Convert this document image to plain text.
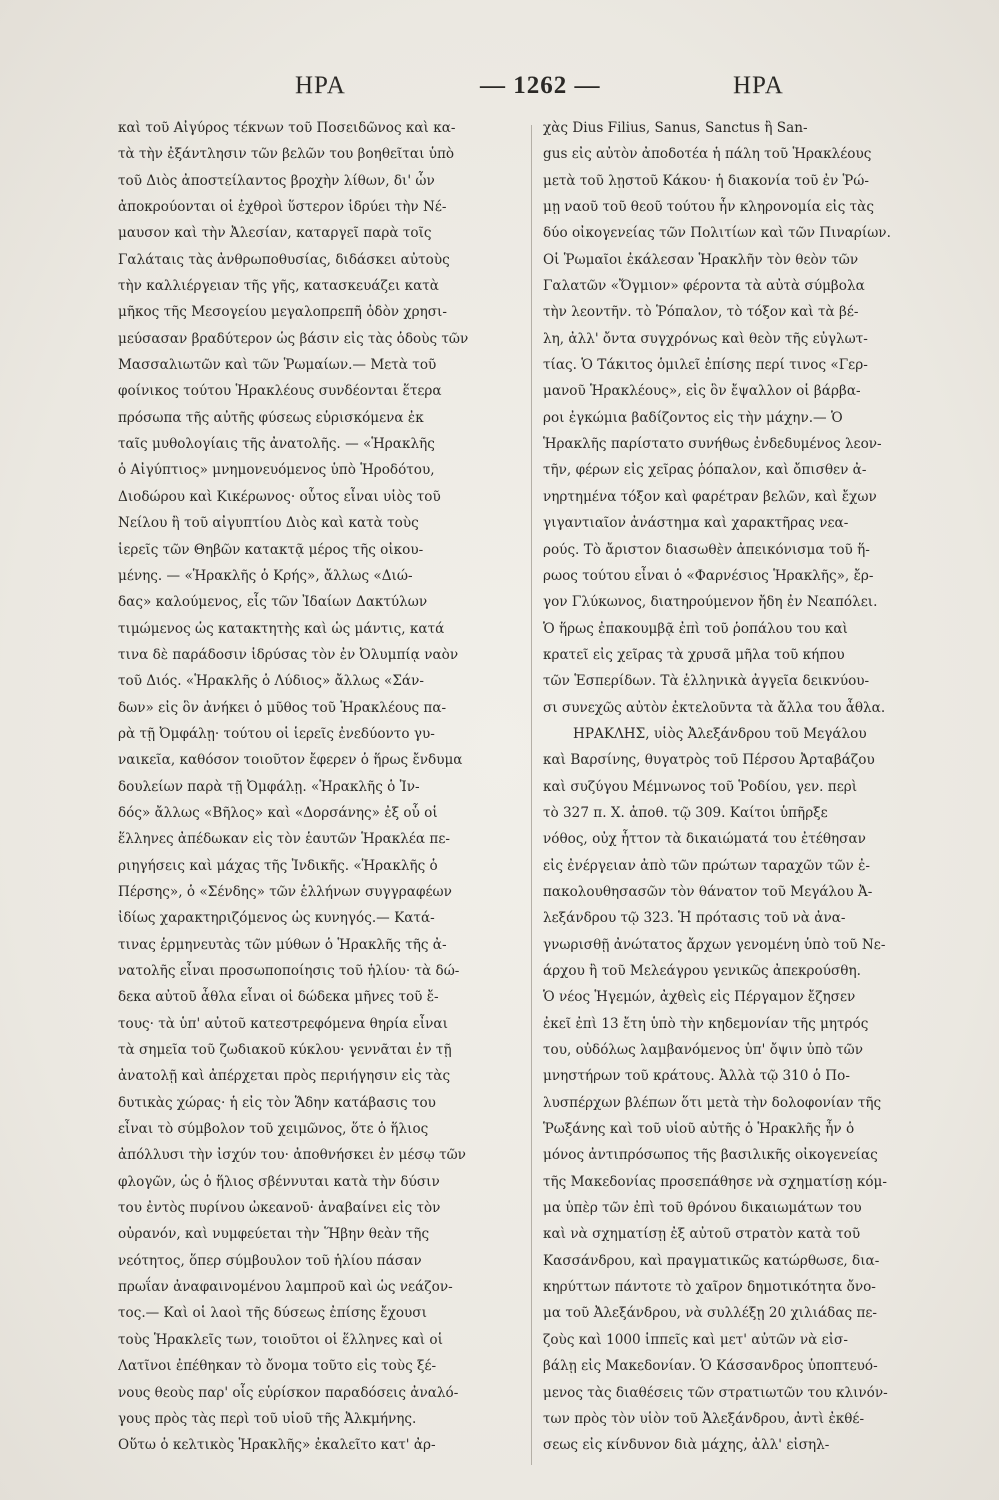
ΗΡΑ	— 1262 —	ΗΡΑ
καὶ τοῦ Αἰγύρος τέκνων τοῦ Ποσειδῶνος καὶ κα-
τὰ τὴν ἐξάντλησιν τῶν βελῶν του βοηθεῖται ὑπὸ
τοῦ Διὸς ἀποστείλαντος βροχὴν λίθων, δι' ὧν
ἀποκρούονται οἱ ἐχθροὶ ὕστερον ἱδρύει τὴν Νέ-
μαυσον καὶ τὴν Ἀλεσίαν, καταργεῖ παρὰ τοῖς
Γαλάταις τὰς ἀνθρωποθυσίας, διδάσκει αὐτοὺς
τὴν καλλιέργειαν τῆς γῆς, κατασκευάζει κατὰ
μῆκος τῆς Μεσογείου μεγαλοπρεπῆ ὁδὸν χρησι-
μεύσασαν βραδύτερον ὡς βάσιν εἰς τὰς ὁδοὺς τῶν
Μασσαλιωτῶν καὶ τῶν Ῥωμαίων.— Μετὰ τοῦ
φοίνικος τούτου Ἡρακλέους συνδέονται ἕτερα
πρόσωπα τῆς αὐτῆς φύσεως εὑρισκόμενα ἐκ
ταῖς μυθολογίαις τῆς ἀνατολῆς. — «Ἡρακλῆς
ὁ Αἰγύπτιος» μνημονευόμενος ὑπὸ Ἡροδότου,
Διοδώρου καὶ Κικέρωνος· οὗτος εἶναι υἱὸς τοῦ
Νείλου ἢ τοῦ αἰγυπτίου Διὸς καὶ κατὰ τοὺς
ἱερεῖς τῶν Θηβῶν κατακτᾷ μέρος τῆς οἰκου-
μένης. — «Ἡρακλῆς ὁ Κρής», ἄλλως «Διώ-
δας» καλούμενος, εἷς τῶν Ἰδαίων Δακτύλων
τιμώμενος ὡς κατακτητὴς καὶ ὡς μάντις, κατά
τινα δὲ παράδοσιν ἱδρύσας τὸν ἐν Ὀλυμπίᾳ ναὸν
τοῦ Διός. «Ἡρακλῆς ὁ Λύδιος» ἄλλως «Σάν-
δων» εἰς ὃν ἀνήκει ὁ μῦθος τοῦ Ἡρακλέους πα-
ρὰ τῇ Ὀμφάλῃ· τούτου οἱ ἱερεῖς ἐνεδύοντο γυ-
ναικεῖα, καθόσον τοιοῦτον ἔφερεν ὁ ἥρως ἔνδυμα
δουλείων παρὰ τῇ Ὀμφάλῃ. «Ἡρακλῆς ὁ Ἰν-
δός» ἄλλως «Βῆλος» καὶ «Δορσάνης» ἐξ οὗ οἱ
ἕλληνες ἀπέδωκαν εἰς τὸν ἑαυτῶν Ἡρακλέα πε-
ριηγήσεις καὶ μάχας τῆς Ἰνδικῆς. «Ἡρακλῆς ὁ
Πέρσης», ὁ «Σένδης» τῶν ἑλλήνων συγγραφέων
ἰδίως χαρακτηριζόμενος ὡς κυνηγός.— Κατά-
τινας ἑρμηνευτὰς τῶν μύθων ὁ Ἡρακλῆς τῆς ἀ-
νατολῆς εἶναι προσωποποίησις τοῦ ἡλίου· τὰ δώ-
δεκα αὐτοῦ ἆθλα εἶναι οἱ δώδεκα μῆνες τοῦ ἔ-
τους· τὰ ὑπ' αὐτοῦ κατεστρεφόμενα θηρία εἶναι
τὰ σημεῖα τοῦ ζωδιακοῦ κύκλου· γεννᾶται ἐν τῇ
ἀνατολῇ καὶ ἀπέρχεται πρὸς περιήγησιν εἰς τὰς
δυτικὰς χώρας· ἡ εἰς τὸν Ἅδην κατάβασις του
εἶναι τὸ σύμβολον τοῦ χειμῶνος, ὅτε ὁ ἥλιος
ἀπόλλυσι τὴν ἰσχύν του· ἀποθνήσκει ἐν μέσῳ τῶν
φλογῶν, ὡς ὁ ἥλιος σβέννυται κατὰ τὴν δύσιν
του ἐντὸς πυρίνου ὠκεανοῦ· ἀναβαίνει εἰς τὸν
οὐρανόν, καὶ νυμφεύεται τὴν Ἥβην θεὰν τῆς
νεότητος, ὅπερ σύμβουλον τοῦ ἡλίου πάσαν
πρωΐαν ἀναφαινομένου λαμπροῦ καὶ ὡς νεάζον-
τος.— Καὶ οἱ λαοὶ τῆς δύσεως ἐπίσης ἔχουσι
τοὺς Ἡρακλεῖς των, τοιοῦτοι οἱ ἕλληνες καὶ οἱ
Λατῖνοι ἐπέθηκαν τὸ ὄνομα τοῦτο εἰς τοὺς ξέ-
νους θεοὺς παρ' οἷς εὑρίσκον παραδόσεις ἀναλό-
γους πρὸς τὰς περὶ τοῦ υἱοῦ τῆς Ἀλκμήνης.
Οὕτω ὁ κελτικὸς Ἡρακλῆς» ἐκαλεῖτο κατ' ἀρ-
χὰς Dius Filius, Sanus, Sanctus ἢ San-
gus εἰς αὐτὸν ἀποδοτέα ἡ πάλη τοῦ Ἡρακλέους
μετὰ τοῦ λῃστοῦ Κάκου· ἡ διακονία τοῦ ἐν Ῥώ-
μῃ ναοῦ τοῦ θεοῦ τούτου ἦν κληρονομία εἰς τὰς
δύο οἰκογενείας τῶν Πολιτίων καὶ τῶν Πιναρίων.
Οἱ Ῥωμαῖοι ἐκάλεσαν Ἡρακλῆν τὸν θεὸν τῶν
Γαλατῶν «Ὄγμιον» φέροντα τὰ αὐτὰ σύμβολα
τὴν λεοντῆν. τὸ Ῥόπαλον, τὸ τόξον καὶ τὰ βέ-
λη, ἀλλ' ὄντα συγχρόνως καὶ θεὸν τῆς εὐγλωτ-
τίας. Ὁ Τάκιτος ὁμιλεῖ ἐπίσης περί τινος «Γερ-
μανοῦ Ἡρακλέους», εἰς ὃν ἔψαλλον οἱ βάρβα-
ροι ἐγκώμια βαδίζοντος εἰς τὴν μάχην.— Ὁ
Ἡρακλῆς παρίστατο συνήθως ἐνδεδυμένος λεον-
τῆν, φέρων εἰς χεῖρας ῥόπαλον, καὶ ὄπισθεν ἀ-
νηρτημένα τόξον καὶ φαρέτραν βελῶν, καὶ ἔχων
γιγαντιαῖον ἀνάστημα καὶ χαρακτῆρας νεα-
ρούς. Τὸ ἄριστον διασωθὲν ἀπεικόνισμα τοῦ ἥ-
ρωος τούτου εἶναι ὁ «Φαρνέσιος Ἡρακλῆς», ἔρ-
γον Γλύκωνος, διατηρούμενον ἤδη ἐν Νεαπόλει.
Ὁ ἥρως ἐπακουμβᾷ ἐπὶ τοῦ ῥοπάλου του καὶ
κρατεῖ εἰς χεῖρας τὰ χρυσᾶ μῆλα τοῦ κήπου
τῶν Ἑσπερίδων. Τὰ ἑλληνικὰ ἀγγεῖα δεικνύου-
σι συνεχῶς αὐτὸν ἐκτελοῦντα τὰ ἄλλα του ἆθλα.
ΗΡΑΚΛΗΣ, υἱὸς Ἀλεξάνδρου τοῦ Μεγάλου
καὶ Βαρσίνης, θυγατρὸς τοῦ Πέρσου Ἀρταβάζου
καὶ συζύγου Μέμνωνος τοῦ Ῥοδίου, γεν. περὶ
τὸ 327 π. Χ. ἀποθ. τῷ 309. Καίτοι ὑπῆρξε
νόθος, οὐχ ἧττον τὰ δικαιώματά του ἐτέθησαν
εἰς ἐνέργειαν ἀπὸ τῶν πρώτων ταραχῶν τῶν ἐ-
πακολουθησασῶν τὸν θάνατον τοῦ Μεγάλου Ἀ-
λεξάνδρου τῷ 323. Ἡ πρότασις τοῦ νὰ ἀνα-
γνωρισθῇ ἀνώτατος ἄρχων γενομένη ὑπὸ τοῦ Νε-
άρχου ἢ τοῦ Μελεάγρου γενικῶς ἀπεκρούσθη.
Ὁ νέος Ἡγεμών, ἀχθεὶς εἰς Πέργαμον ἔζησεν
ἐκεῖ ἐπὶ 13 ἔτη ὑπὸ τὴν κηδεμονίαν τῆς μητρός
του, οὐδόλως λαμβανόμενος ὑπ' ὄψιν ὑπὸ τῶν
μνηστήρων τοῦ κράτους. Ἀλλὰ τῷ 310 ὁ Πο-
λυσπέρχων βλέπων ὅτι μετὰ τὴν δολοφονίαν τῆς
Ῥωξάνης καὶ τοῦ υἱοῦ αὐτῆς ὁ Ἡρακλῆς ἦν ὁ
μόνος ἀντιπρόσωπος τῆς βασιλικῆς οἰκογενείας
τῆς Μακεδονίας προσεπάθησε νὰ σχηματίσῃ κόμ-
μα ὑπὲρ τῶν ἐπὶ τοῦ θρόνου δικαιωμάτων του
καὶ νὰ σχηματίσῃ ἐξ αὐτοῦ στρατὸν κατὰ τοῦ
Κασσάνδρου, καὶ πραγματικῶς κατώρθωσε, δια-
κηρύττων πάντοτε τὸ χαῖρον δημοτικότητα ὄνο-
μα τοῦ Ἀλεξάνδρου, νὰ συλλέξῃ 20 χιλιάδας πε-
ζοὺς καὶ 1000 ἱππεῖς καὶ μετ' αὐτῶν νὰ εἰσ-
βάλῃ εἰς Μακεδονίαν. Ὁ Κάσσανδρος ὑποπτευό-
μενος τὰς διαθέσεις τῶν στρατιωτῶν του κλινόν-
των πρὸς τὸν υἱὸν τοῦ Ἀλεξάνδρου, ἀντὶ ἐκθέ-
σεως εἰς κίνδυνον διὰ μάχης, ἀλλ' εἰσηλ-
